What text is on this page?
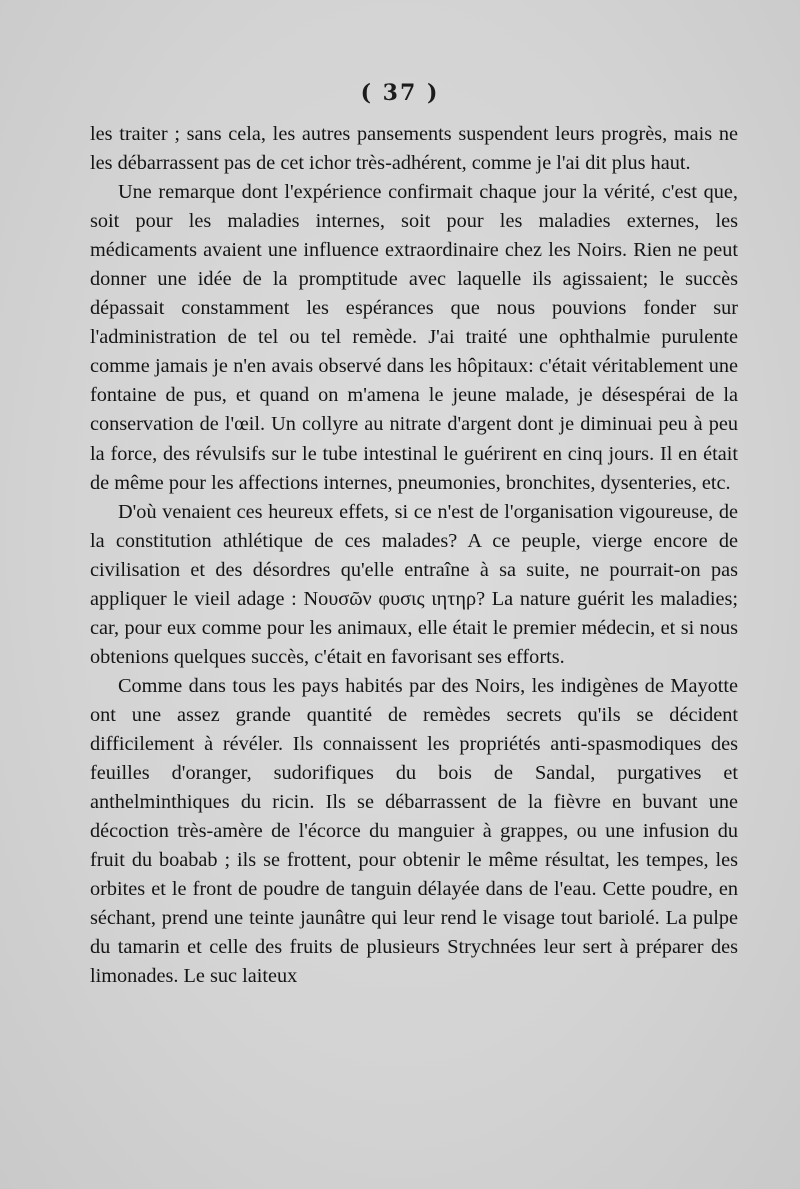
( 37 )

les traiter ; sans cela, les autres pansements suspendent leurs progrès, mais ne les débarrassent pas de cet ichor très-adhérent, comme je l'ai dit plus haut.

Une remarque dont l'expérience confirmait chaque jour la vérité, c'est que, soit pour les maladies internes, soit pour les maladies externes, les médicaments avaient une influence extraordinaire chez les Noirs. Rien ne peut donner une idée de la promptitude avec laquelle ils agissaient; le succès dépassait constamment les espérances que nous pouvions fonder sur l'administration de tel ou tel remède. J'ai traité une ophthalmie purulente comme jamais je n'en avais observé dans les hôpitaux: c'était véritablement une fontaine de pus, et quand on m'amena le jeune malade, je désespérai de la conservation de l'œil. Un collyre au nitrate d'argent dont je diminuai peu à peu la force, des révulsifs sur le tube intestinal le guérirent en cinq jours. Il en était de même pour les affections internes, pneumonies, bronchites, dysenteries, etc.

D'où venaient ces heureux effets, si ce n'est de l'organisation vigoureuse, de la constitution athlétique de ces malades? A ce peuple, vierge encore de civilisation et des désordres qu'elle entraîne à sa suite, ne pourrait-on pas appliquer le vieil adage : Νουσῶν φυσις ιητηρ? La nature guérit les maladies; car, pour eux comme pour les animaux, elle était le premier médecin, et si nous obtenions quelques succès, c'était en favorisant ses efforts.

Comme dans tous les pays habités par des Noirs, les indigènes de Mayotte ont une assez grande quantité de remèdes secrets qu'ils se décident difficilement à révéler. Ils connaissent les propriétés anti-spasmodiques des feuilles d'oranger, sudorifiques du bois de Sandal, purgatives et anthelminthiques du ricin. Ils se débarrassent de la fièvre en buvant une décoction très-amère de l'écorce du manguier à grappes, ou une infusion du fruit du boabab ; ils se frottent, pour obtenir le même résultat, les tempes, les orbites et le front de poudre de tanguin délayée dans de l'eau. Cette poudre, en séchant, prend une teinte jaunâtre qui leur rend le visage tout bariolé. La pulpe du tamarin et celle des fruits de plusieurs Strychnées leur sert à préparer des limonades. Le suc laiteux
